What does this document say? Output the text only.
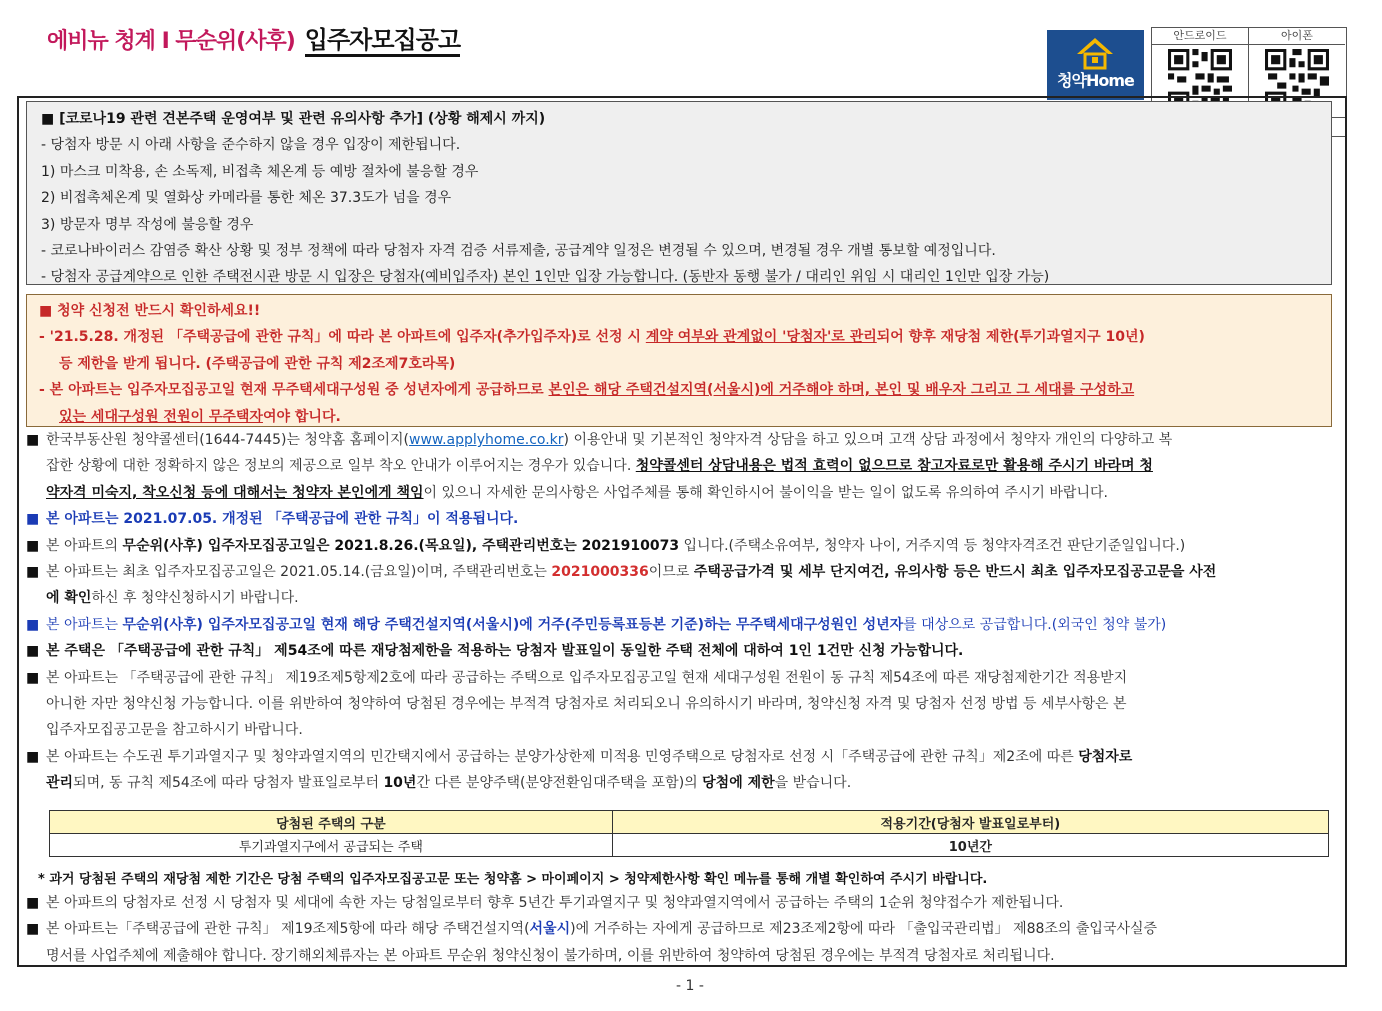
에비뉴 청계 Ⅰ 무순위(사후) 입주자모집공고
청약Home
안드로이드	아이폰
■ [코로나19 관련 견본주택 운영여부 및 관련 유의사항 추가] (상황 해제시 까지)
- 당첨자 방문 시 아래 사항을 준수하지 않을 경우 입장이 제한됩니다.
1) 마스크 미착용, 손 소독제, 비접촉 체온계 등 예방 절차에 불응할 경우
2) 비접촉체온계 및 열화상 카메라를 통한 체온 37.3도가 넘을 경우
3) 방문자 명부 작성에 불응할 경우
- 코로나바이러스 감염증 확산 상황 및 정부 정책에 따라 당첨자 자격 검증 서류제출, 공급계약 일정은 변경될 수 있으며, 변경될 경우 개별 통보할 예정입니다.
- 당첨자 공급계약으로 인한 주택전시관 방문 시 입장은 당첨자(예비입주자) 본인 1인만 입장 가능합니다. (동반자 동행 불가 / 대리인 위임 시 대리인 1인만 입장 가능)
■ 청약 신청전 반드시 확인하세요!!
- '21.5.28. 개정된 「주택공급에 관한 규칙」에 따라 본 아파트에 입주자(추가입주자)로 선정 시 계약 여부와 관계없이 '당첨자'로 관리되어 향후 재당첨 제한(투기과열지구 10년)
등 제한을 받게 됩니다. (주택공급에 관한 규칙 제2조제7호라목)
- 본 아파트는 입주자모집공고일 현재 무주택세대구성원 중 성년자에게 공급하므로 본인은 해당 주택건설지역(서울시)에 거주해야 하며, 본인 및 배우자 그리고 그 세대를 구성하고
있는 세대구성원 전원이 무주택자여야 합니다.
■ 한국부동산원 청약콜센터(1644-7445)는 청약홈 홈페이지(www.applyhome.co.kr) 이용안내 및 기본적인 청약자격 상담을 하고 있으며 고객 상담 과정에서 청약자 개인의 다양하고 복
잡한 상황에 대한 정확하지 않은 정보의 제공으로 일부 착오 안내가 이루어지는 경우가 있습니다. 청약콜센터 상담내용은 법적 효력이 없으므로 참고자료로만 활용해 주시기 바라며 청
약자격 미숙지, 착오신청 등에 대해서는 청약자 본인에게 책임이 있으니 자세한 문의사항은 사업주체를 통해 확인하시어 불이익을 받는 일이 없도록 유의하여 주시기 바랍니다.
■ 본 아파트는 2021.07.05. 개정된 「주택공급에 관한 규칙」이 적용됩니다.
■ 본 아파트의 무순위(사후) 입주자모집공고일은 2021.8.26.(목요일), 주택관리번호는 2021910073 입니다.(주택소유여부, 청약자 나이, 거주지역 등 청약자격조건 판단기준일입니다.)
■ 본 아파트는 최초 입주자모집공고일은 2021.05.14.(금요일)이며, 주택관리번호는 2021000336이므로 주택공급가격 및 세부 단지여건, 유의사항 등은 반드시 최초 입주자모집공고문을 사전
에 확인하신 후 청약신청하시기 바랍니다.
■ 본 아파트는 무순위(사후) 입주자모집공고일 현재 해당 주택건설지역(서울시)에 거주(주민등록표등본 기준)하는 무주택세대구성원인 성년자를 대상으로 공급합니다.(외국인 청약 불가)
■ 본 주택은 「주택공급에 관한 규칙」 제54조에 따른 재당첨제한을 적용하는 당첨자 발표일이 동일한 주택 전체에 대하여 1인 1건만 신청 가능합니다.
■ 본 아파트는 「주택공급에 관한 규칙」 제19조제5항제2호에 따라 공급하는 주택으로 입주자모집공고일 현재 세대구성원 전원이 동 규칙 제54조에 따른 재당첨제한기간 적용받지
아니한 자만 청약신청 가능합니다. 이를 위반하여 청약하여 당첨된 경우에는 부적격 당첨자로 처리되오니 유의하시기 바라며, 청약신청 자격 및 당첨자 선정 방법 등 세부사항은 본
입주자모집공고문을 참고하시기 바랍니다.
■ 본 아파트는 수도권 투기과열지구 및 청약과열지역의 민간택지에서 공급하는 분양가상한제 미적용 민영주택으로 당첨자로 선정 시「주택공급에 관한 규칙」제2조에 따른 당첨자로
관리되며, 동 규칙 제54조에 따라 당첨자 발표일로부터 10년간 다른 분양주택(분양전환임대주택을 포함)의 당첨에 제한을 받습니다.
당첨된 주택의 구분	적용기간(당첨자 발표일로부터)
투기과열지구에서 공급되는 주택	10년간
* 과거 당첨된 주택의 재당첨 제한 기간은 당첨 주택의 입주자모집공고문 또는 청약홈 > 마이페이지 > 청약제한사항 확인 메뉴를 통해 개별 확인하여 주시기 바랍니다.
■ 본 아파트의 당첨자로 선정 시 당첨자 및 세대에 속한 자는 당첨일로부터 향후 5년간 투기과열지구 및 청약과열지역에서 공급하는 주택의 1순위 청약접수가 제한됩니다.
■ 본 아파트는「주택공급에 관한 규칙」 제19조제5항에 따라 해당 주택건설지역(서울시)에 거주하는 자에게 공급하므로 제23조제2항에 따라 「출입국관리법」 제88조의 출입국사실증
명서를 사업주체에 제출해야 합니다. 장기해외체류자는 본 아파트 무순위 청약신청이 불가하며, 이를 위반하여 청약하여 당첨된 경우에는 부적격 당첨자로 처리됩니다.
- 1 -
